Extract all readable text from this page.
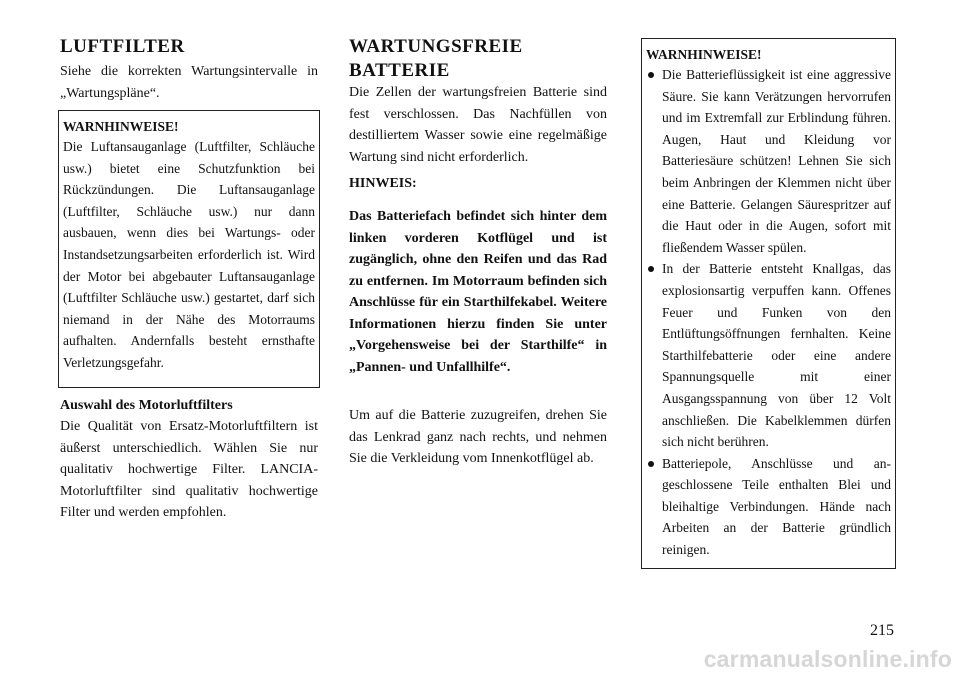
LUFTFILTER

Siehe die korrekten Wartungsintervalle in „Wartungspläne“.

WARNHINWEISE!
Die Luftansauganlage (Luftfilter, Schläuche usw.) bietet eine Schutzfunktion bei Rückzündungen. Die Luftansauganlage (Luftfilter, Schläuche usw.) nur dann ausbauen, wenn dies bei Wartungs- oder Instandsetzungsarbeiten erforderlich ist. Wird der Motor bei abgebauter Luftansauganlage (Luftfilter Schläuche usw.) gestartet, darf sich niemand in der Nähe des Motorraums aufhalten. Andernfalls besteht ernsthafte Verletzungsgefahr.
Auswahl des Motorluftfilters

Die Qualität von Ersatz-Motorluftfiltern ist äußerst unterschiedlich. Wählen Sie nur qualitativ hochwertige Filter. LANCIA-Motorluftfilter sind qualitativ hochwertige Filter und werden empfohlen.

WARTUNGSFREIE
BATTERIE

Die Zellen der wartungsfreien Batterie sind fest verschlossen. Das Nachfüllen von destilliertem Wasser sowie eine regelmäßige Wartung sind nicht erforderlich.

HINWEIS:

Das Batteriefach befindet sich hinter dem linken vorderen Kotflügel und ist zugänglich, ohne den Reifen und das Rad zu entfernen. Im Motorraum befinden sich Anschlüsse für ein Starthilfekabel. Weitere Informationen hierzu finden Sie unter „Vorgehensweise bei der Starthilfe“ in „Pannen- und Unfallhilfe“.

Um auf die Batterie zuzugreifen, drehen Sie das Lenkrad ganz nach rechts, und nehmen Sie die Verkleidung vom Innenkotflügel ab.

WARNHINWEISE!
Die Batterieflüssigkeit ist eine aggressive Säure. Sie kann Verätzungen hervorrufen und im Extremfall zur Erblindung führen. Augen, Haut und Kleidung vor Batteriesäure schützen! Lehnen Sie sich beim Anbringen der Klemmen nicht über eine Batterie. Gelangen Säurespritzer auf die Haut oder in die Augen, sofort mit fließendem Wasser spülen.
In der Batterie entsteht Knallgas, das explosionsartig verpuffen kann. Offenes Feuer und Funken von den Entlüftungsöffnungen fernhalten. Keine Starthilfebatterie oder eine andere Spannungsquelle mit einer Ausgangsspannung von über 12 Volt anschließen. Die Kabelklemmen dürfen sich nicht berühren.
Batteriepole, Anschlüsse und angeschlossene Teile enthalten Blei und bleihaltige Verbindungen. Hände nach Arbeiten an der Batterie gründlich reinigen.
215
carmanualsonline.info
